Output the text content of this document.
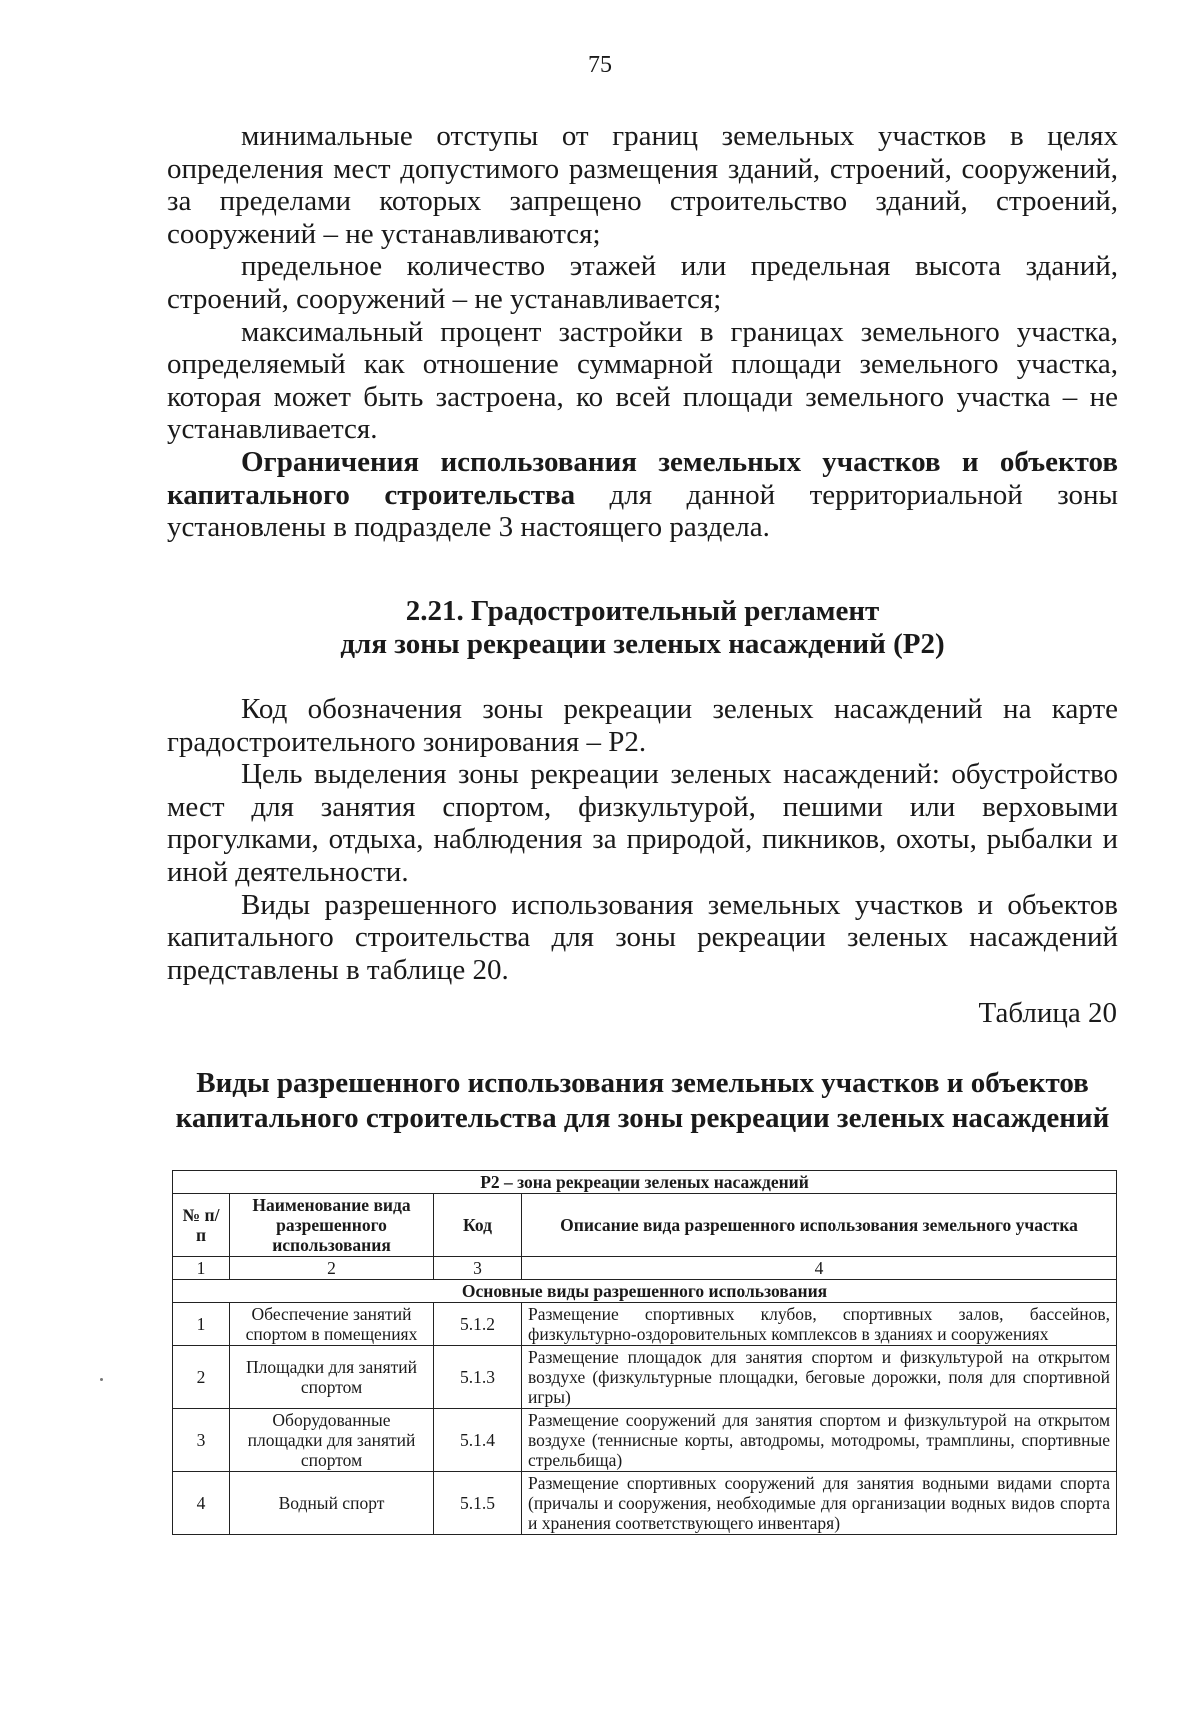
75

минимальные отступы от границ земельных участков в целях определения мест допустимого размещения зданий, строений, сооружений, за пределами которых запрещено строительство зданий, строений, сооружений – не устанавливаются;

предельное количество этажей или предельная высота зданий, строений, сооружений – не устанавливается;

максимальный процент застройки в границах земельного участка, определяемый как отношение суммарной площади земельного участка, которая может быть застроена, ко всей площади земельного участка – не устанавливается.

Ограничения использования земельных участков и объектов капитального строительства для данной территориальной зоны установлены в подразделе 3 настоящего раздела.

2.21. Градостроительный регламент
для зоны рекреации зеленых насаждений (Р2)

Код обозначения зоны рекреации зеленых насаждений на карте градостроительного зонирования – Р2.

Цель выделения зоны рекреации зеленых насаждений: обустройство мест для занятия спортом, физкультурой, пешими или верховыми прогулками, отдыха, наблюдения за природой, пикников, охоты, рыбалки и иной деятельности.

Виды разрешенного использования земельных участков и объектов капитального строительства для зоны рекреации зеленых насаждений представлены в таблице 20.

Таблица 20
Виды разрешенного использования земельных участков и объектов
капитального строительства для зоны рекреации зеленых насаждений
Р2 – зона рекреации зеленых насаждений			
№ п/п	Наименование вида разрешенного использования	Код	Описание вида разрешенного использования земельного участка
1	2	3	4
Основные виды разрешенного использования			
1	Обеспечение занятий спортом в помещениях	5.1.2	Размещение спортивных клубов, спортивных залов, бассейнов, физкультурно-оздоровительных комплексов в зданиях и сооружениях
2	Площадки для занятий спортом	5.1.3	Размещение площадок для занятия спортом и физкультурой на открытом воздухе (физкультурные площадки, беговые дорожки, поля для спортивной игры)
3	Оборудованные площадки для занятий спортом	5.1.4	Размещение сооружений для занятия спортом и физкультурой на открытом воздухе (теннисные корты, автодромы, мотодромы, трамплины, спортивные стрельбища)
4	Водный спорт	5.1.5	Размещение спортивных сооружений для занятия водными видами спорта (причалы и сооружения, необходимые для организации водных видов спорта и хранения соответствующего инвентаря)
